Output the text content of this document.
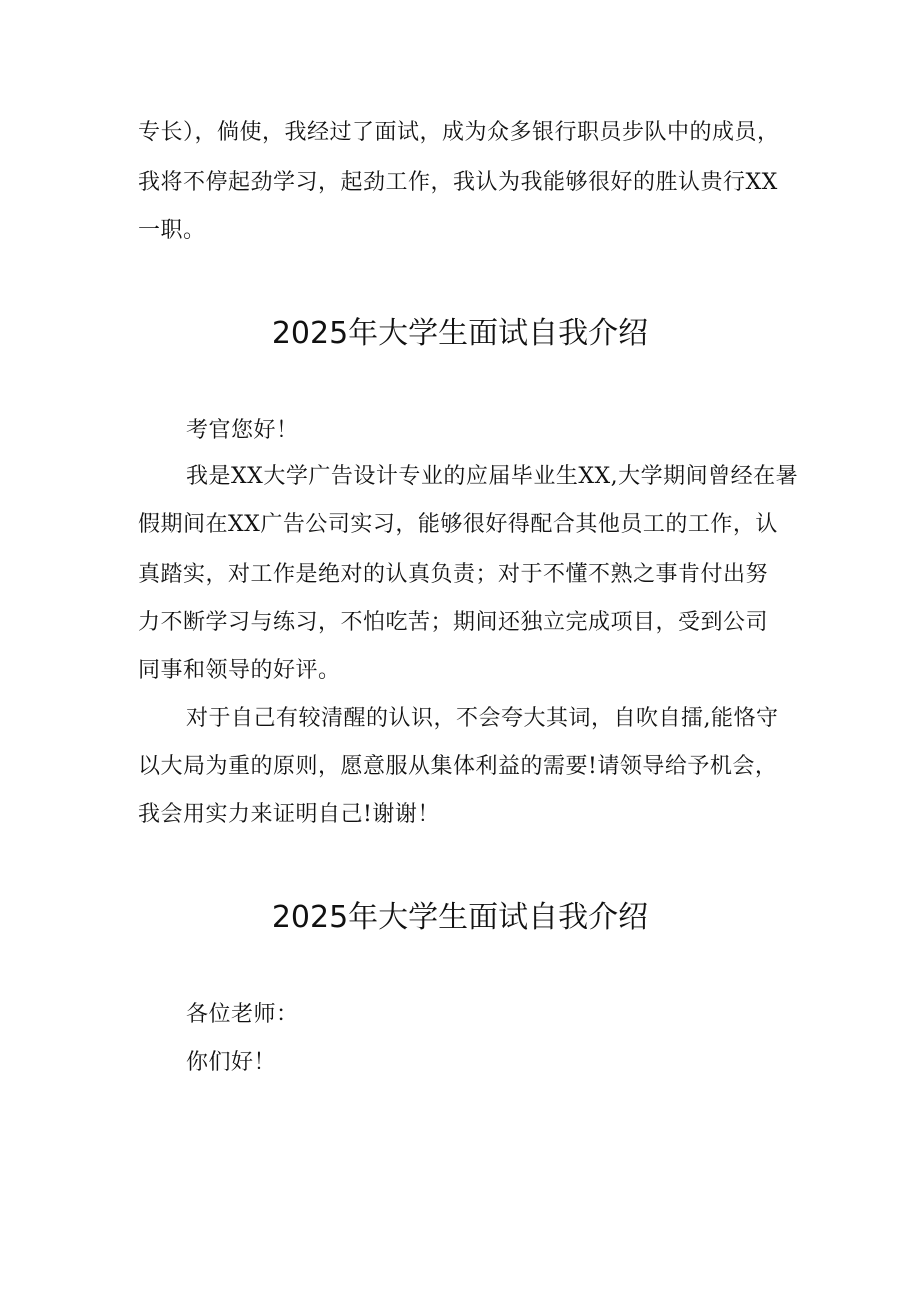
专长），倘使，我经过了面试，成为众多银行职员步队中的成员，
我将不停起劲学习，起劲工作，我认为我能够很好的胜认贵行XX
一职。
2025年大学生面试自我介绍
考官您好！
我是XX大学广告设计专业的应届毕业生XX,大学期间曾经在暑
假期间在XX广告公司实习，能够很好得配合其他员工的工作，认
真踏实，对工作是绝对的认真负责；对于不懂不熟之事肯付出努
力不断学习与练习，不怕吃苦；期间还独立完成项目，受到公司
同事和领导的好评。
对于自己有较清醒的认识，不会夸大其词，自吹自擂,能恪守
以大局为重的原则，愿意服从集体利益的需要!请领导给予机会，
我会用实力来证明自己!谢谢！
2025年大学生面试自我介绍
各位老师：
你们好！
